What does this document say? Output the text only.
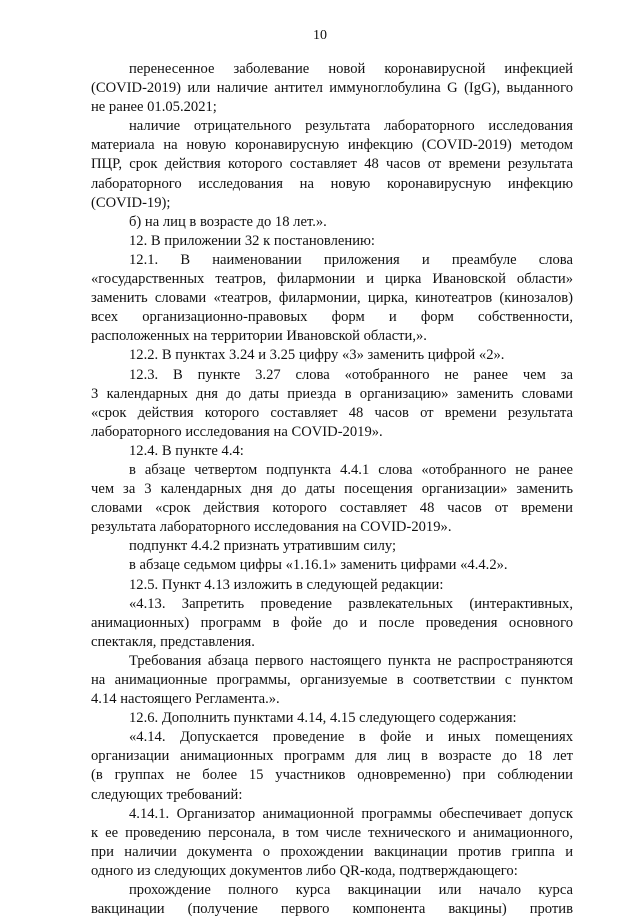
10
перенесенное заболевание новой коронавирусной инфекцией
(COVID-2019) или наличие антител иммуноглобулина G (IgG), выданного
не ранее 01.05.2021;
наличие отрицательного результата лабораторного исследования
материала на новую коронавирусную инфекцию (COVID-2019) методом
ПЦР, срок действия которого составляет 48 часов от времени результата
лабораторного исследования на новую коронавирусную инфекцию
(COVID-19);
б) на лиц в возрасте до 18 лет.».
12. В приложении 32 к постановлению:
12.1. В наименовании приложения и преамбуле слова
«государственных театров, филармонии и цирка Ивановской области»
заменить словами «театров, филармонии, цирка, кинотеатров (кинозалов)
всех организационно-правовых форм и форм собственности,
расположенных на территории Ивановской области,».
12.2. В пунктах 3.24 и 3.25 цифру «3» заменить цифрой «2».
12.3. В пункте 3.27 слова «отобранного не ранее чем за
3 календарных дня до даты приезда в организацию» заменить словами
«срок действия которого составляет 48 часов от времени результата
лабораторного исследования на COVID-2019».
12.4. В пункте 4.4:
в абзаце четвертом подпункта 4.4.1 слова «отобранного не ранее
чем за 3 календарных дня до даты посещения организации» заменить
словами «срок действия которого составляет 48 часов от времени
результата лабораторного исследования на COVID-2019».
подпункт 4.4.2 признать утратившим силу;
в абзаце седьмом цифры «1.16.1» заменить цифрами «4.4.2».
12.5. Пункт 4.13 изложить в следующей редакции:
«4.13. Запретить проведение развлекательных (интерактивных,
анимационных) программ в фойе до и после проведения основного
спектакля, представления.
Требования абзаца первого настоящего пункта не распространяются
на анимационные программы, организуемые в соответствии с пунктом
4.14 настоящего Регламента.».
12.6. Дополнить пунктами 4.14, 4.15 следующего содержания:
«4.14. Допускается проведение в фойе и иных помещениях
организации анимационных программ для лиц в возрасте до 18 лет
(в группах не более 15 участников одновременно) при соблюдении
следующих требований:
4.14.1. Организатор анимационной программы обеспечивает допуск
к ее проведению персонала, в том числе технического и анимационного,
при наличии документа о прохождении вакцинации против гриппа и
одного из следующих документов либо QR-кода, подтверждающего:
прохождение полного курса вакцинации или начало курса
вакцинации (получение первого компонента вакцины) против
